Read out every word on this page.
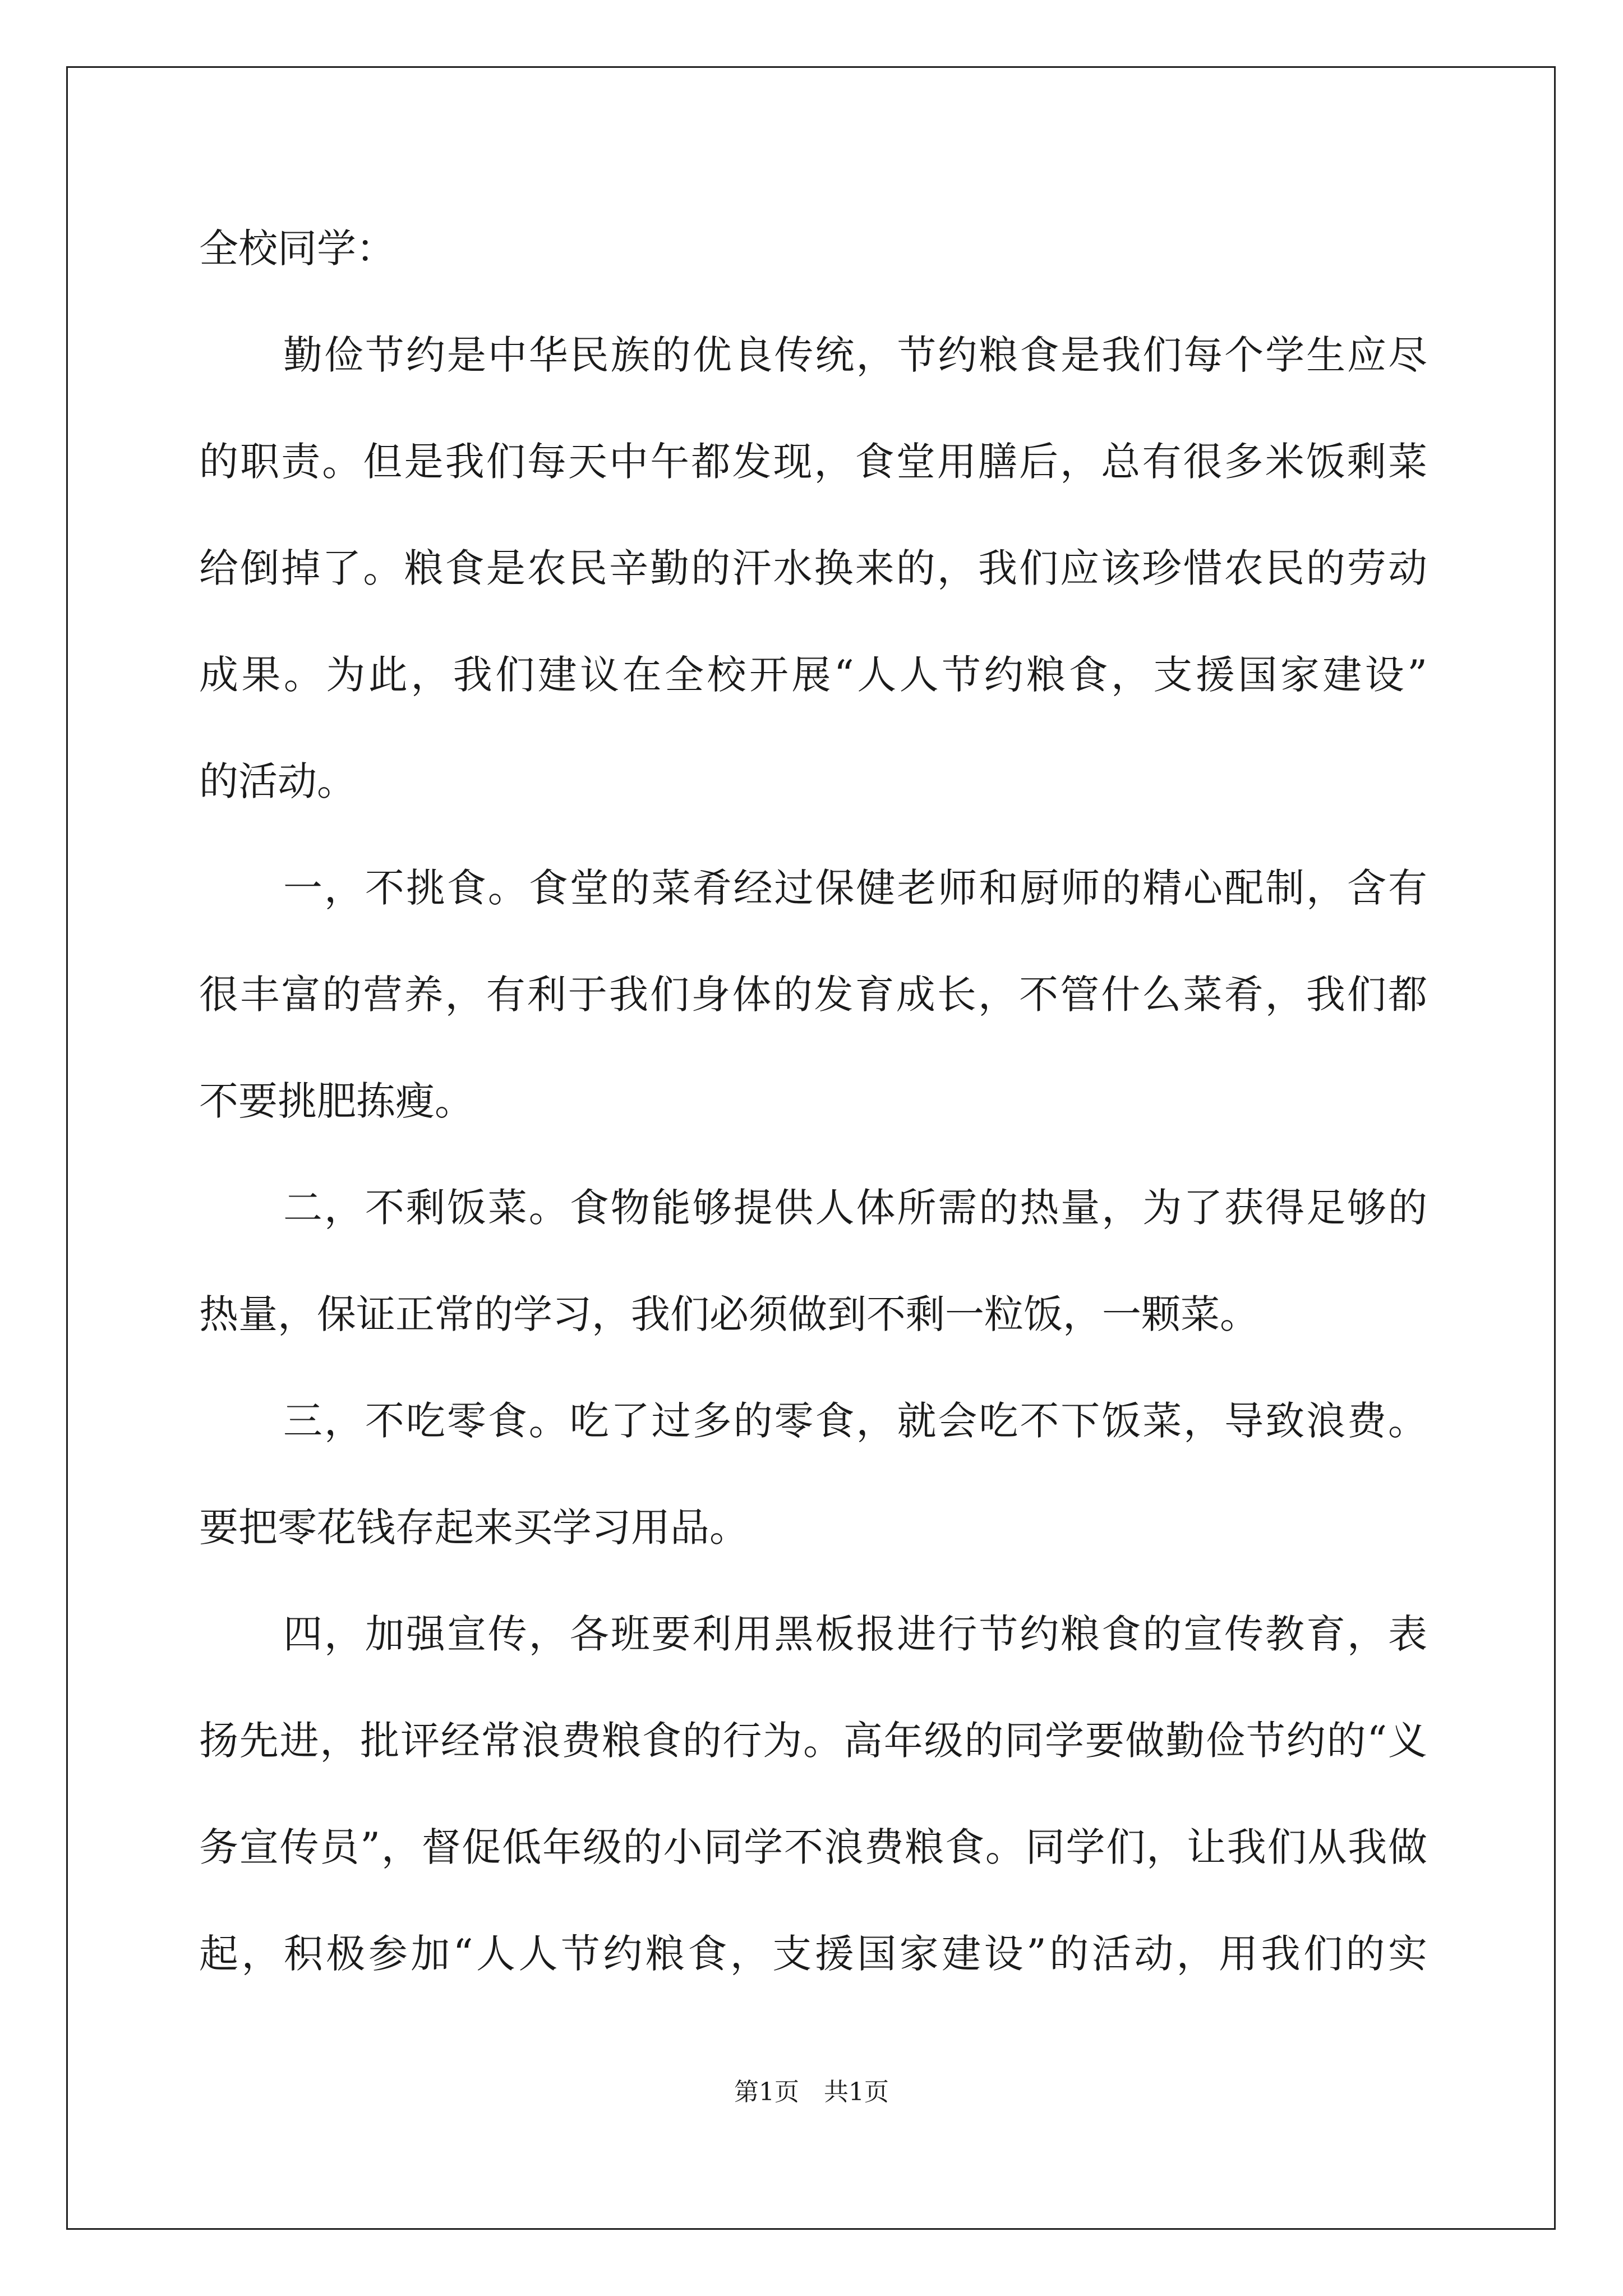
全校同学：
勤俭节约是中华民族的优良传统，节约粮食是我们每个学生应尽
的职责。但是我们每天中午都发现，食堂用膳后，总有很多米饭剩菜
给倒掉了。粮食是农民辛勤的汗水换来的，我们应该珍惜农民的劳动
成果。为此，我们建议在全校开展“人人节约粮食，支援国家建设”
的活动。
一，不挑食。食堂的菜肴经过保健老师和厨师的精心配制，含有
很丰富的营养，有利于我们身体的发育成长，不管什么菜肴，我们都
不要挑肥拣瘦。
二，不剩饭菜。食物能够提供人体所需的热量，为了获得足够的
热量，保证正常的学习，我们必须做到不剩一粒饭，一颗菜。
三，不吃零食。吃了过多的零食，就会吃不下饭菜，导致浪费。
要把零花钱存起来买学习用品。
四，加强宣传，各班要利用黑板报进行节约粮食的宣传教育，表
扬先进，批评经常浪费粮食的行为。高年级的同学要做勤俭节约的“义
务宣传员”，督促低年级的小同学不浪费粮食。同学们，让我们从我做
起，积极参加“人人节约粮食，支援国家建设”的活动，用我们的实
第1页 共1页
